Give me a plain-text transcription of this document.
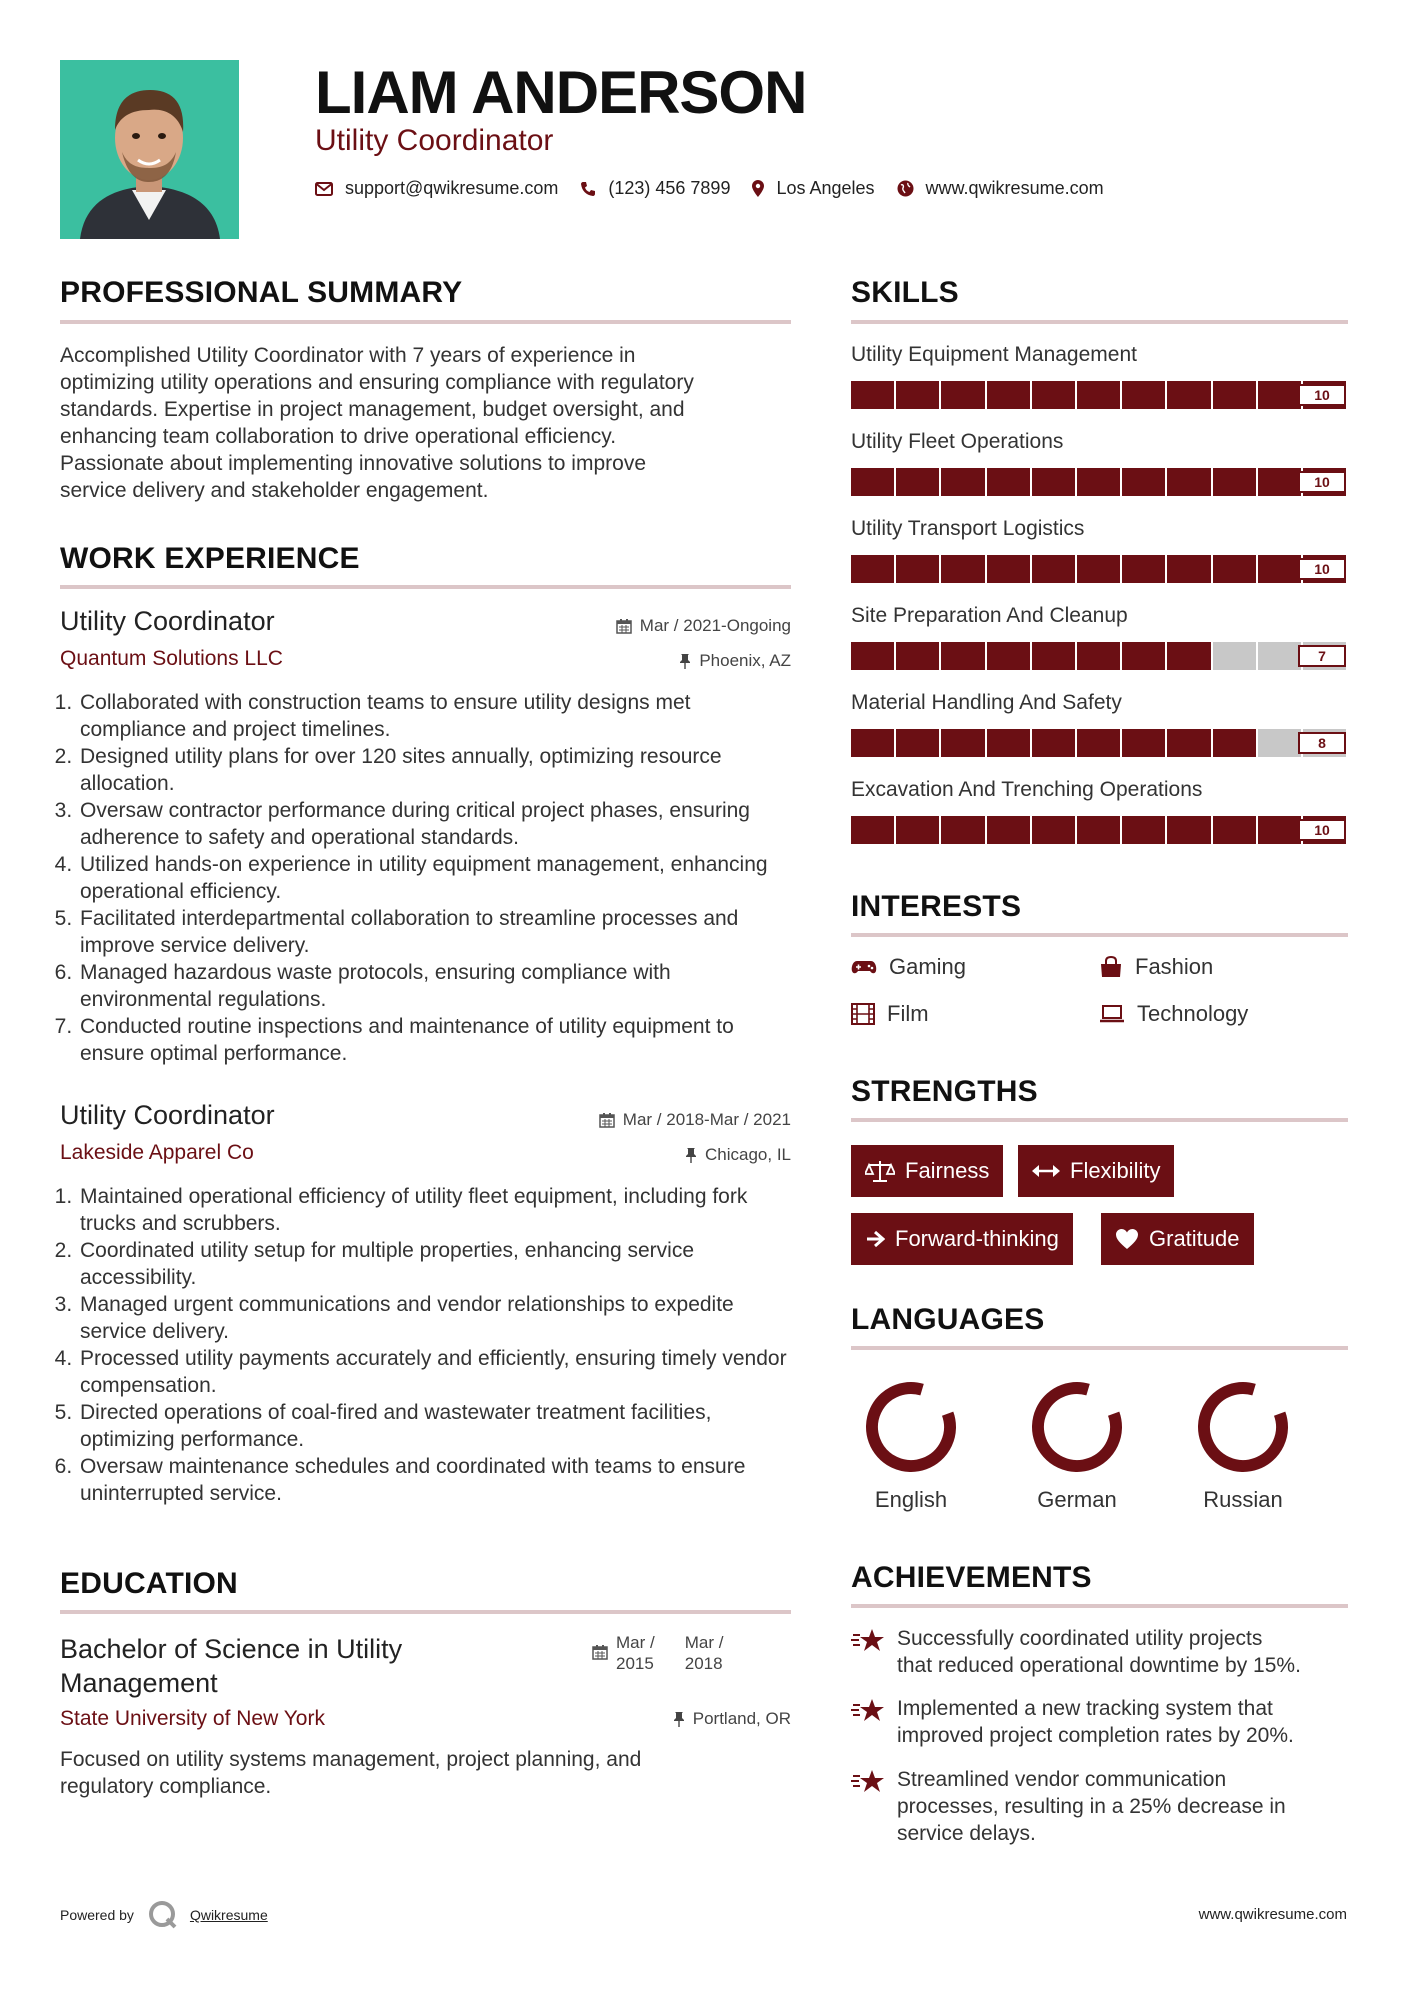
LIAM ANDERSON
Utility Coordinator
support@qwikresume.com	(123) 456 7899	Los Angeles	www.qwikresume.com
PROFESSIONAL SUMMARY
Accomplished Utility Coordinator with 7 years of experience in
optimizing utility operations and ensuring compliance with regulatory
standards. Expertise in project management, budget oversight, and
enhancing team collaboration to drive operational efficiency.
Passionate about implementing innovative solutions to improve
service delivery and stakeholder engagement.
WORK EXPERIENCE
Utility Coordinator
Quantum Solutions LLC
Mar / 2021-Ongoing
Phoenix, AZ
1. Collaborated with construction teams to ensure utility designs met compliance and project timelines.
2. Designed utility plans for over 120 sites annually, optimizing resource allocation.
3. Oversaw contractor performance during critical project phases, ensuring adherence to safety and operational standards.
4. Utilized hands-on experience in utility equipment management, enhancing operational efficiency.
5. Facilitated interdepartmental collaboration to streamline processes and improve service delivery.
6. Managed hazardous waste protocols, ensuring compliance with environmental regulations.
7. Conducted routine inspections and maintenance of utility equipment to ensure optimal performance.
Utility Coordinator
Lakeside Apparel Co
Mar / 2018-Mar / 2021
Chicago, IL
1. Maintained operational efficiency of utility fleet equipment, including fork trucks and scrubbers.
2. Coordinated utility setup for multiple properties, enhancing service accessibility.
3. Managed urgent communications and vendor relationships to expedite service delivery.
4. Processed utility payments accurately and efficiently, ensuring timely vendor compensation.
5. Directed operations of coal-fired and wastewater treatment facilities, optimizing performance.
6. Oversaw maintenance schedules and coordinated with teams to ensure uninterrupted service.
EDUCATION
Bachelor of Science in Utility
Management
Mar /
2015
Mar /
2018
State University of New York	Portland, OR
Focused on utility systems management, project planning, and
regulatory compliance.
SKILLS
Utility Equipment Management
10
Utility Fleet Operations
10
Utility Transport Logistics
10
Site Preparation And Cleanup
7
Material Handling And Safety
8
Excavation And Trenching Operations
10
INTERESTS
Gaming	Fashion
Film	Technology
STRENGTHS
Fairness	Flexibility
Forward-thinking	Gratitude
LANGUAGES
English	German	Russian
ACHIEVEMENTS
Successfully coordinated utility projects
that reduced operational downtime by 15%.
Implemented a new tracking system that
improved project completion rates by 20%.
Streamlined vendor communication
processes, resulting in a 25% decrease in
service delays.
Powered by	Qwikresume	www.qwikresume.com
